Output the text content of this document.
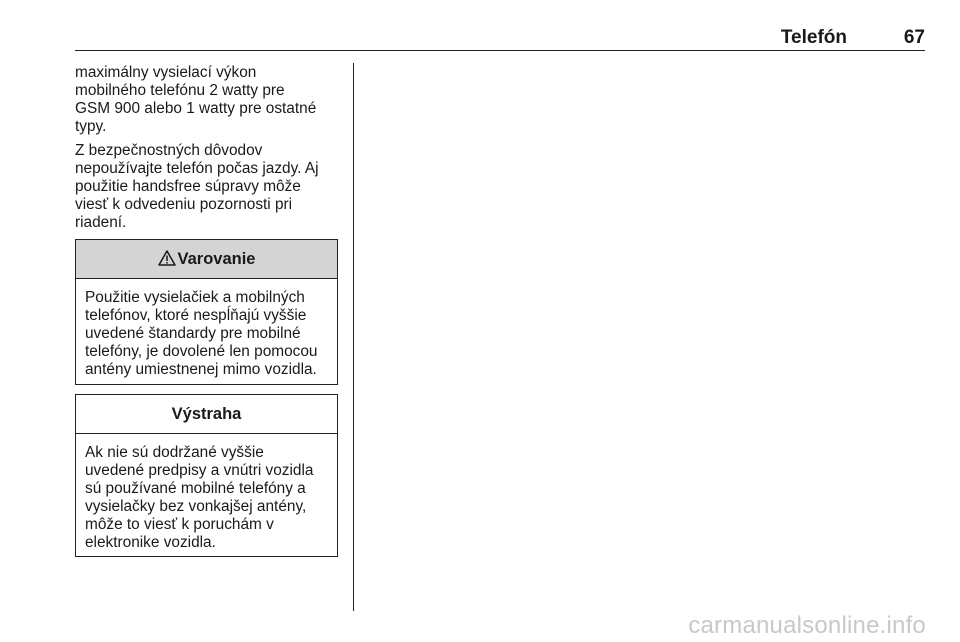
Telefón	67

maximálny vysielací výkon
mobilného telefónu 2 watty pre
GSM 900 alebo 1 watty pre ostatné
typy.

Z bezpečnostných dôvodov
nepoužívajte telefón počas jazdy. Aj
použitie handsfree súpravy môže
viesť k odvedeniu pozornosti pri
riadení.

Varovanie
Použitie vysielačiek a mobilných
telefónov, ktoré nespĺňajú vyššie
uvedené štandardy pre mobilné
telefóny, je dovolené len pomocou
antény umiestnenej mimo vozidla.
Výstraha
Ak nie sú dodržané vyššie
uvedené predpisy a vnútri vozidla
sú používané mobilné telefóny a
vysielačky bez vonkajšej antény,
môže to viesť k poruchám v
elektronike vozidla.
carmanualsonline.info
